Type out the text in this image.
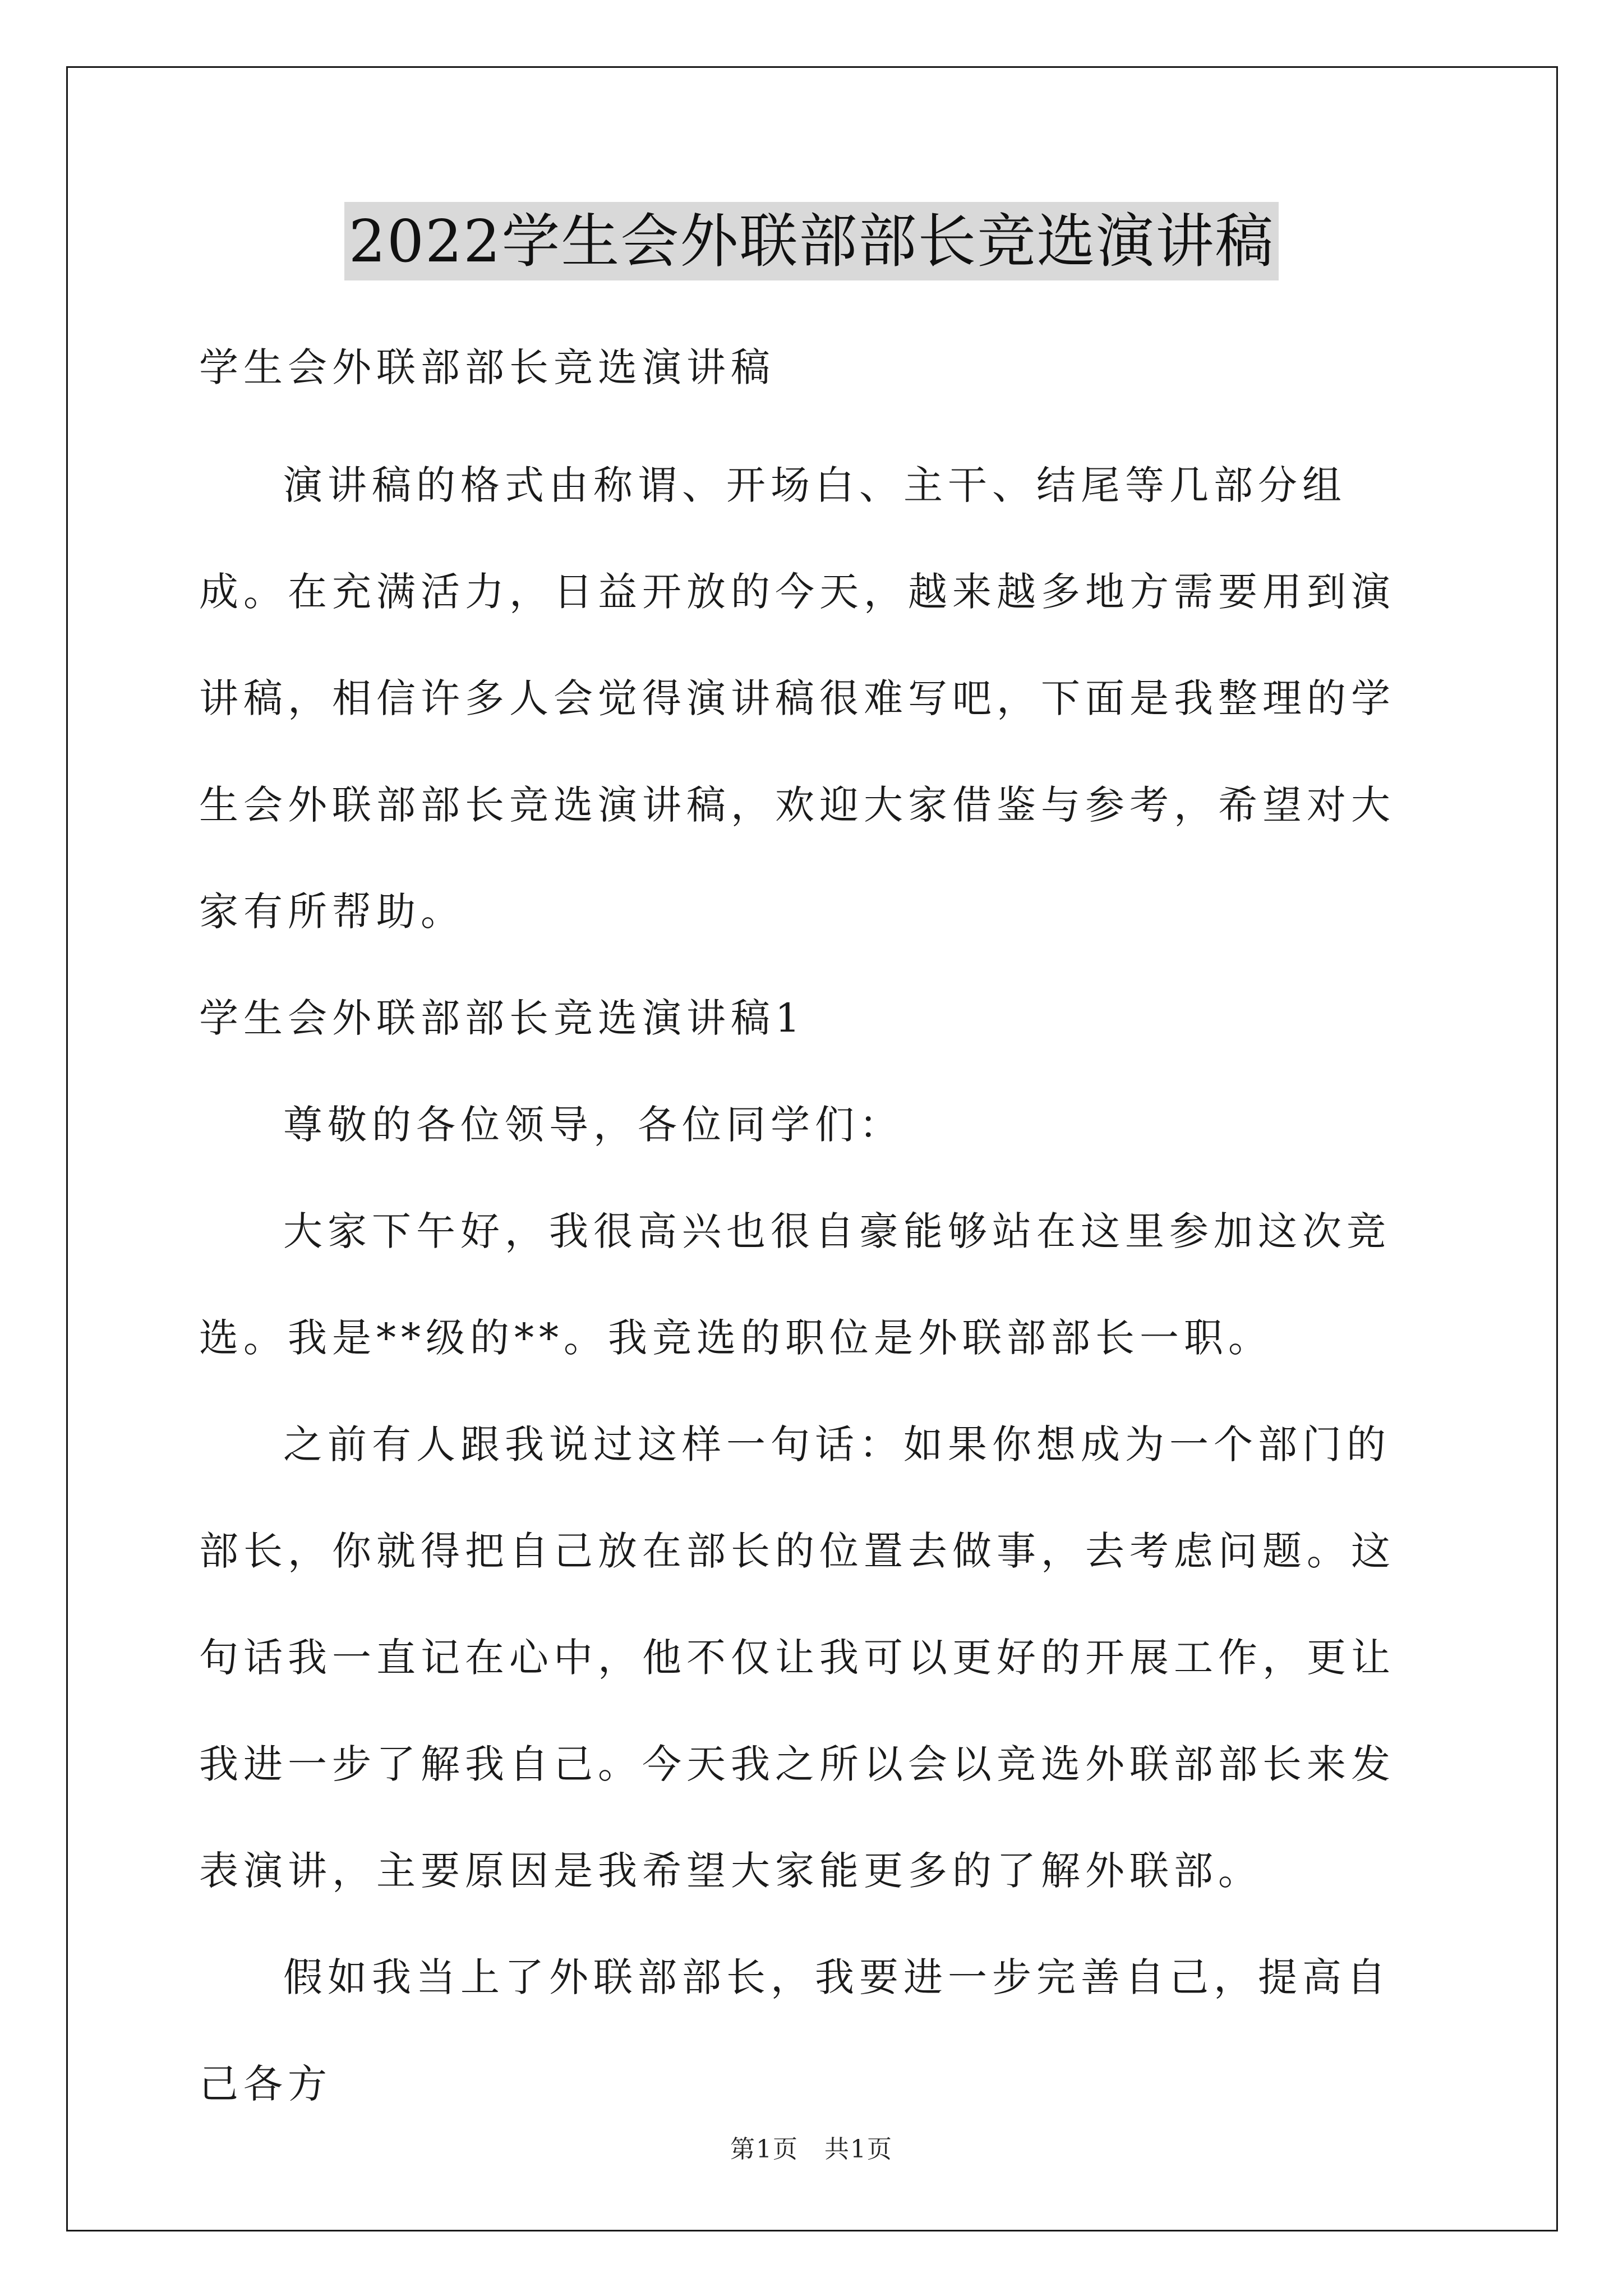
2022学生会外联部部长竞选演讲稿

学生会外联部部长竞选演讲稿

演讲稿的格式由称谓、开场白、主干、结尾等几部分组成。在充满活力，日益开放的今天，越来越多地方需要用到演讲稿，相信许多人会觉得演讲稿很难写吧，下面是我整理的学生会外联部部长竞选演讲稿，欢迎大家借鉴与参考，希望对大家有所帮助。

学生会外联部部长竞选演讲稿1

尊敬的各位领导，各位同学们：

大家下午好，我很高兴也很自豪能够站在这里参加这次竞选。我是**级的**。我竞选的职位是外联部部长一职。

之前有人跟我说过这样一句话：如果你想成为一个部门的部长，你就得把自己放在部长的位置去做事，去考虑问题。这句话我一直记在心中，他不仅让我可以更好的开展工作，更让我进一步了解我自己。今天我之所以会以竞选外联部部长来发表演讲，主要原因是我希望大家能更多的了解外联部。

假如我当上了外联部部长，我要进一步完善自己，提高自己各方

第1页　共1页
